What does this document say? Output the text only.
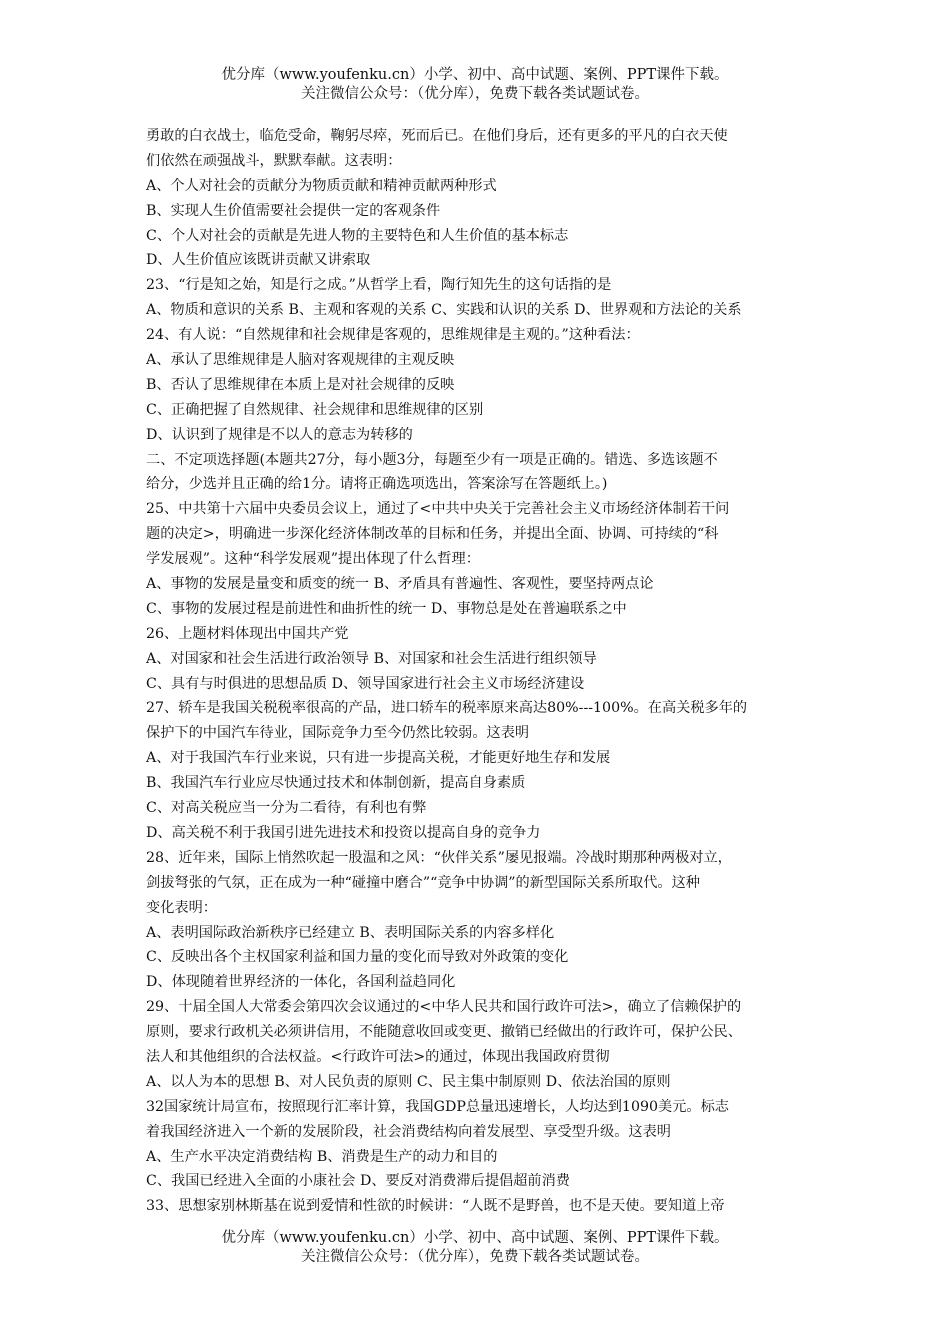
优分库（www.youfenku.cn）小学、初中、高中试题、案例、PPT课件下载。
关注微信公众号：（优分库），免费下载各类试题试卷。
勇敢的白衣战士，临危受命，鞠躬尽瘁，死而后已。在他们身后，还有更多的平凡的白衣天使
们依然在顽强战斗，默默奉献。这表明：
A、个人对社会的贡献分为物质贡献和精神贡献两种形式
B、实现人生价值需要社会提供一定的客观条件
C、个人对社会的贡献是先进人物的主要特色和人生价值的基本标志
D、人生价值应该既讲贡献又讲索取
23、“行是知之始，知是行之成。”从哲学上看，陶行知先生的这句话指的是
A、物质和意识的关系 B、主观和客观的关系 C、实践和认识的关系 D、世界观和方法论的关系
24、有人说：“自然规律和社会规律是客观的，思维规律是主观的。”这种看法：
A、承认了思维规律是人脑对客观规律的主观反映
B、否认了思维规律在本质上是对社会规律的反映
C、正确把握了自然规律、社会规律和思维规律的区别
D、认识到了规律是不以人的意志为转移的
二、不定项选择题(本题共27分，每小题3分，每题至少有一项是正确的。错选、多选该题不
给分，少选并且正确的给1分。请将正确选项选出，答案涂写在答题纸上。)
25、中共第十六届中央委员会议上，通过了<中共中央关于完善社会主义市场经济体制若干问
题的决定>，明确进一步深化经济体制改革的目标和任务，并提出全面、协调、可持续的“科
学发展观”。这种“科学发展观”提出体现了什么哲理：
A、事物的发展是量变和质变的统一 B、矛盾具有普遍性、客观性，要坚持两点论
C、事物的发展过程是前进性和曲折性的统一 D、事物总是处在普遍联系之中
26、上题材料体现出中国共产党
A、对国家和社会生活进行政治领导 B、对国家和社会生活进行组织领导
C、具有与时俱进的思想品质 D、领导国家进行社会主义市场经济建设
27、轿车是我国关税税率很高的产品，进口轿车的税率原来高达80%---100%。在高关税多年的
保护下的中国汽车待业，国际竞争力至今仍然比较弱。这表明
A、对于我国汽车行业来说，只有进一步提高关税，才能更好地生存和发展
B、我国汽车行业应尽快通过技术和体制创新，提高自身素质
C、对高关税应当一分为二看待，有利也有弊
D、高关税不利于我国引进先进技术和投资以提高自身的竞争力
28、近年来，国际上悄然吹起一股温和之风：“伙伴关系”屡见报端。冷战时期那种两极对立，
剑拔弩张的气氛，正在成为一种“碰撞中磨合”“竞争中协调”的新型国际关系所取代。这种
变化表明：
A、表明国际政治新秩序已经建立 B、表明国际关系的内容多样化
C、反映出各个主权国家利益和国力量的变化而导致对外政策的变化
D、体现随着世界经济的一体化，各国利益趋同化
29、十届全国人大常委会第四次会议通过的<中华人民共和国行政许可法>，确立了信赖保护的
原则，要求行政机关必须讲信用，不能随意收回或变更、撤销已经做出的行政许可，保护公民、
法人和其他组织的合法权益。<行政许可法>的通过，体现出我国政府贯彻
A、以人为本的思想 B、对人民负责的原则 C、民主集中制原则 D、依法治国的原则
32国家统计局宣布，按照现行汇率计算，我国GDP总量迅速增长，人均达到1090美元。标志
着我国经济进入一个新的发展阶段，社会消费结构向着发展型、享受型升级。这表明
A、生产水平决定消费结构 B、消费是生产的动力和目的
C、我国已经进入全面的小康社会 D、要反对消费滞后提倡超前消费
33、思想家别林斯基在说到爱情和性欲的时候讲：“人既不是野兽，也不是天使。要知道上帝
优分库（www.youfenku.cn）小学、初中、高中试题、案例、PPT课件下载。
关注微信公众号：（优分库），免费下载各类试题试卷。
